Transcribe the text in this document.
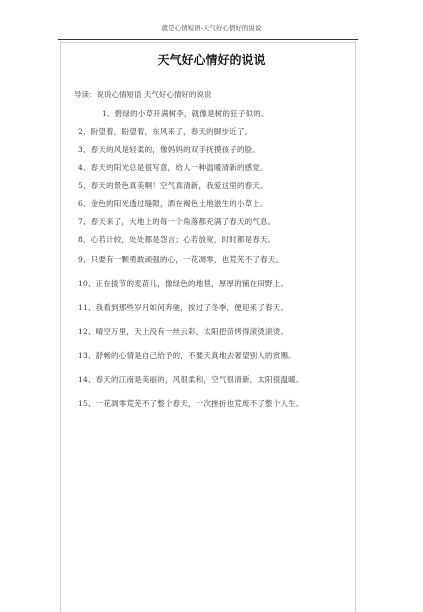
就是心情短语-天气好心情好的说说
天气好心情好的说说

导读：说说心情短语 天气好心情好的说说

1、碧绿的小草开满树李，就像是树的狂子似的。

2、盼望着，盼望着，东风来了，春天的脚步近了。

3、春天的风是轻柔的，像妈妈的双手抚摸孩子的脸。

4、春天的阳光总是很写意，给人一种温暖清新的感觉。

5、春天的景色真美啊！空气真清新，我爱这里的春天。

6、金色的阳光透过缝隙，洒在褐色土地滋生的小草上。

7、春天来了，大地上的每一个角落都充满了春天的气息。

8、心若计较，处处都是怨言；心若放宽，时时都是春天。

9、只要有一颗勇敢顽强的心，一花凋零，也荒芜不了春天。

10、正在拔节的麦苗儿，像绿色的地毯，厚厚的铺在田野上。

11、我看到那些岁月如何奔驰，挨过了冬季，便迎来了春天。

12、晴空万里，天上没有一丝云彩，太阳把苗烤得滚烫滚烫。

13、舒畅的心情是自己给予的，不要天真地去奢望别人的赏赐。

14、春天的江南是美丽的，风很柔和，空气很清新，太阳很温暖。

15、一花凋零荒芜不了整个春天，一次挫折也荒废不了整个人生。
